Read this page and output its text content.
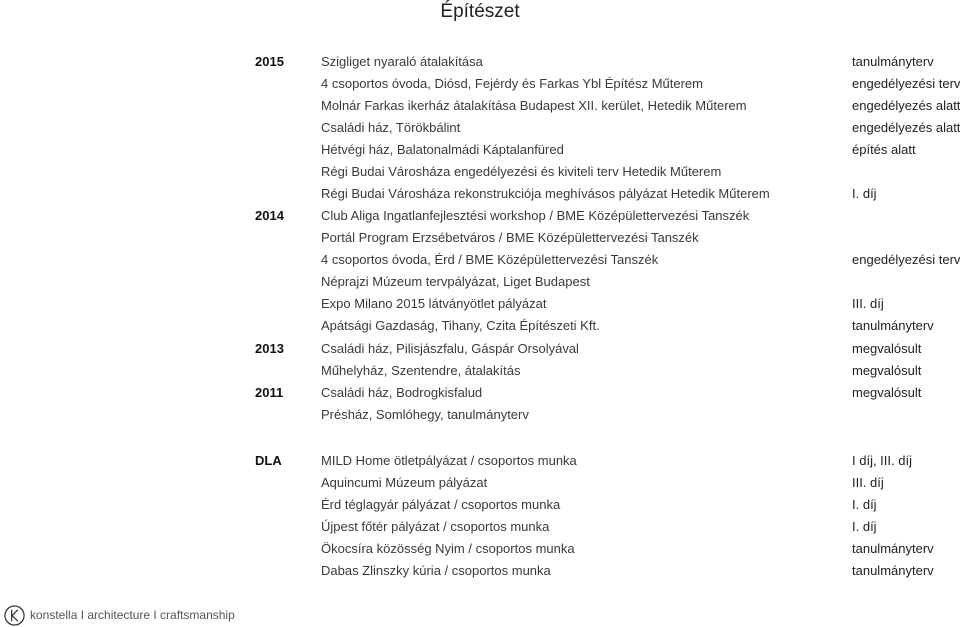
Építészet
2015	Szigliget nyaraló átalakítása	tanulmányterv
4 csoportos óvoda, Diósd, Fejérdy és Farkas Ybl Építész Műterem	engedélyezési terv
Molnár Farkas ikerház átalakítása Budapest XII. kerület, Hetedik Műterem	engedélyezés alatt
Családi ház, Törökbálint	engedélyezés alatt
Hétvégi ház, Balatonalmádi Káptalanfüred	építés alatt
Régi Budai Városháza engedélyezési és kiviteli terv Hetedik Műterem
Régi Budai Városháza rekonstrukciója meghívásos pályázat Hetedik Műterem	I. díj
2014	Club Aliga Ingatlanfejlesztési workshop / BME Középülettervezési Tanszék
Portál Program Erzsébetváros / BME Középülettervezési Tanszék
4 csoportos óvoda, Érd / BME Középülettervezési Tanszék	engedélyezési terv
Néprajzi Múzeum tervpályázat, Liget Budapest
Expo Milano 2015 látványötlet pályázat	III. díj
Apátsági Gazdaság, Tihany, Czita Építészeti Kft.	tanulmányterv
2013	Családi ház, Pilisjászfalu, Gáspár Orsolyával	megvalósult
Műhelyház, Szentendre, átalakítás	megvalósult
2011	Családi ház, Bodrogkisfalud	megvalósult
Présház, Somlóhegy, tanulmányterv
DLA	MILD Home ötletpályázat / csoportos munka	I díj, III. díj
Aquincumi Múzeum pályázat	III. díj
Érd téglagyár pályázat / csoportos munka	I. díj
Újpest főtér pályázat / csoportos munka	I. díj
Ökocsíra közösség Nyim / csoportos munka	tanulmányterv
Dabas Zlinszky kúria / csoportos munka	tanulmányterv
konstella I architecture I craftsmanship
